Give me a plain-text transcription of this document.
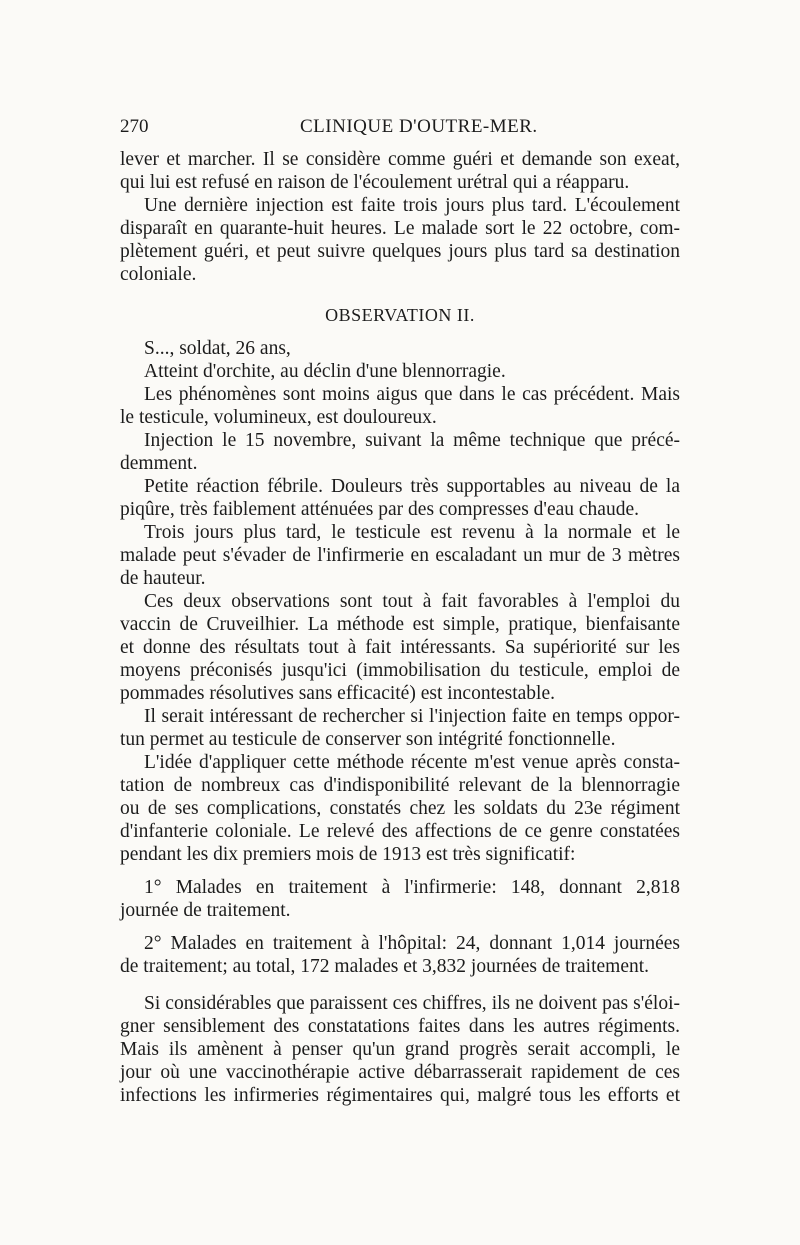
270	CLINIQUE D'OUTRE-MER.
lever et marcher. Il se considère comme guéri et demande son exeat,
qui lui est refusé en raison de l'écoulement urétral qui a réapparu.
Une dernière injection est faite trois jours plus tard. L'écoulement
disparaît en quarante-huit heures. Le malade sort le 22 octobre, com-
plètement guéri, et peut suivre quelques jours plus tard sa destination
coloniale.
OBSERVATION II.
S..., soldat, 26 ans,
Atteint d'orchite, au déclin d'une blennorragie.
Les phénomènes sont moins aigus que dans le cas précédent. Mais
le testicule, volumineux, est douloureux.
Injection le 15 novembre, suivant la même technique que précé-
demment.
Petite réaction fébrile. Douleurs très supportables au niveau de la
piqûre, très faiblement atténuées par des compresses d'eau chaude.
Trois jours plus tard, le testicule est revenu à la normale et le
malade peut s'évader de l'infirmerie en escaladant un mur de 3 mètres
de hauteur.
Ces deux observations sont tout à fait favorables à l'emploi du
vaccin de Cruveilhier. La méthode est simple, pratique, bienfaisante
et donne des résultats tout à fait intéressants. Sa supériorité sur les
moyens préconisés jusqu'ici (immobilisation du testicule, emploi de
pommades résolutives sans efficacité) est incontestable.
Il serait intéressant de rechercher si l'injection faite en temps oppor-
tun permet au testicule de conserver son intégrité fonctionnelle.
L'idée d'appliquer cette méthode récente m'est venue après consta-
tation de nombreux cas d'indisponibilité relevant de la blennorragie
ou de ses complications, constatés chez les soldats du 23e régiment
d'infanterie coloniale. Le relevé des affections de ce genre constatées
pendant les dix premiers mois de 1913 est très significatif:
1° Malades en traitement à l'infirmerie: 148, donnant 2,818
journée de traitement.
2° Malades en traitement à l'hôpital: 24, donnant 1,014 journées
de traitement; au total, 172 malades et 3,832 journées de traitement.
Si considérables que paraissent ces chiffres, ils ne doivent pas s'éloi-
gner sensiblement des constatations faites dans les autres régiments.
Mais ils amènent à penser qu'un grand progrès serait accompli, le
jour où une vaccinothérapie active débarrasserait rapidement de ces
infections les infirmeries régimentaires qui, malgré tous les efforts et
